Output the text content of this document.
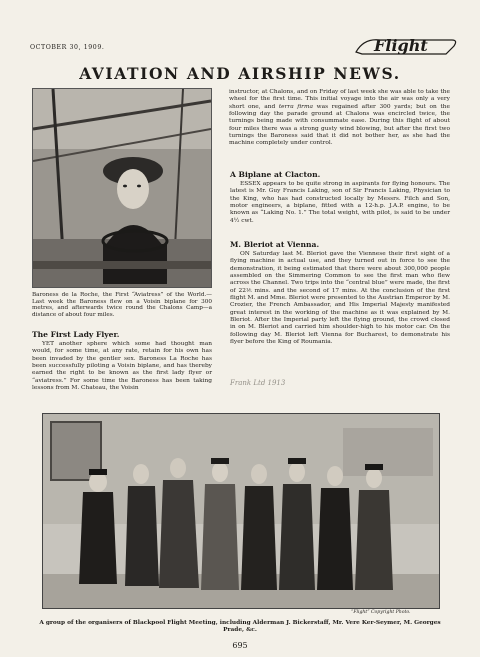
OCTOBER 30, 1909.	Flight
AVIATION AND AIRSHIP NEWS.
Baroness de la Roche, the First “Aviatress” of the World.—Last week the Baroness flew on a Voisin biplane for 300 metres, and afterwards twice round the Chalons Camp—a distance of about four miles.
The First Lady Flyer.

YET another sphere which some had thought man would, for some time, at any rate, retain for his own has been invaded by the gentler sex. Baroness La Roche has been successfully piloting a Voisin biplane, and has thereby earned the right to be known as the first lady flyer or “aviatress.” For some time the Baroness has been taking lessons from M. Chateau, the Voisin

instructor, at Chalons, and on Friday of last week she was able to take the wheel for the first time. This initial voyage into the air was only a very short one, and terra firma was regained after 300 yards; but on the following day the parade ground at Chalons was encircled twice, the turnings being made with consummate ease. During this flight of about four miles there was a strong gusty wind blowing, but after the first two turnings the Baroness said that it did not bother her, as she had the machine completely under control.

A Biplane at Clacton.

ESSEX appears to be quite strong in aspirants for flying honours. The latest is Mr. Guy Francis Laking, son of Sir Francis Laking, Physician to the King, who has had constructed locally by Messrs. Filch and Son, motor engineers, a biplane, fitted with a 12-h.p. J.A.P. engine, to be known as “Laking No. 1.” The total weight, with pilot, is said to be under 4½ cwt.

M. Bleriot at Vienna.

ON Saturday last M. Bleriot gave the Viennese their first sight of a flying machine in actual use, and they turned out in force to see the demonstration, it being estimated that there were about 300,000 people assembled on the Simmering Common to see the first man who flew across the Channel. Two trips into the “central blue” were made, the first of 22⅕ mins. and the second of 17 mins. At the conclusion of the first flight M. and Mme. Bleriot were presented to the Austrian Emperor by M. Crozier, the French Ambassador, and His Imperial Majesty manifested great interest in the working of the machine as it was explained by M. Bleriot. After the Imperial party left the flying ground, the crowd closed in on M. Bleriot and carried him shoulder-high to his motor car. On the following day M. Bleriot left Vienna for Bucharest, to demonstrate his flyer before the King of Roumania.

Frank Ltd 1913
“Flight” Copyright Photo.
A group of the organisers of Blackpool Flight Meeting, including Alderman J. Bickerstaff, Mr. Vere Ker-Seymer, M. Georges Prade, &c.
695
